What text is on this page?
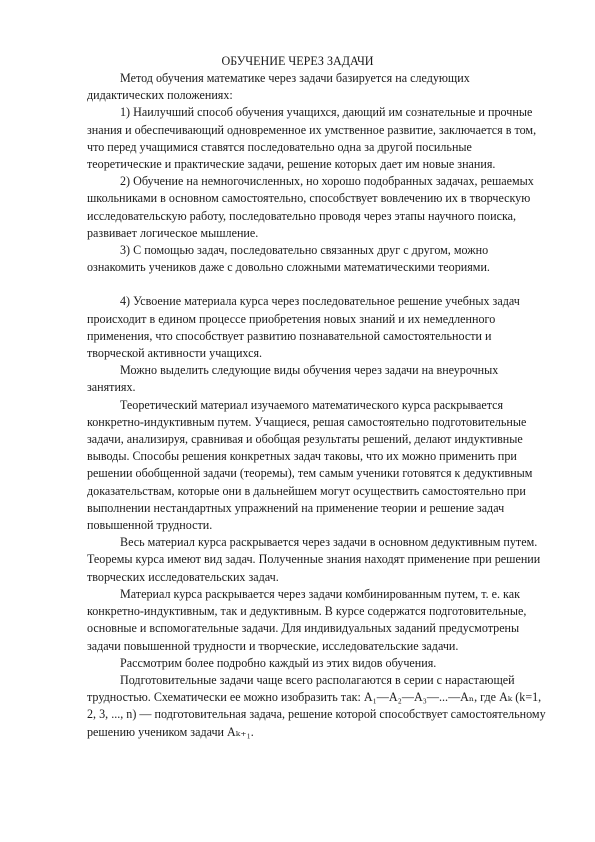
ОБУЧЕНИЕ ЧЕРЕЗ ЗАДАЧИ

Метод обучения математике через задачи базируется на следующих дидактических положениях:

1) Наилучший способ обучения учащихся, дающий им сознательные и прочные знания и обеспечивающий одновременное их умственное развитие, заключается в том, что перед учащимися ставятся последовательно одна за другой посильные теоретические и практические задачи, решение которых дает им новые знания.

2) Обучение на немногочисленных, но хорошо подобранных задачах, решаемых школьниками в основном самостоятельно, способствует вовлечению их в творческую исследовательскую работу, последовательно проводя через этапы научного поиска, развивает логическое мышление.

3) С помощью задач, последовательно связанных друг с другом, можно ознакомить учеников даже с довольно сложными математическими теориями.

4) Усвоение материала курса через последовательное решение учебных задач происходит в едином процессе приобретения новых знаний и их немедленного применения, что способствует развитию познавательной самостоятельности и творческой активности учащихся.

Можно выделить следующие виды обучения через задачи на внеурочных занятиях.

Теоретический материал изучаемого математического курса раскрывается конкретно-индуктивным путем. Учащиеся, решая самостоятельно подготовительные задачи, анализируя, сравнивая и обобщая результаты решений, делают индуктивные выводы. Способы решения конкретных задач таковы, что их можно применить при решении обобщенной задачи (теоремы), тем самым ученики готовятся к дедуктивным доказательствам, которые они в дальнейшем могут осуществить самостоятельно при выполнении нестандартных упражнений на применение теории и решение задач повышенной трудности.

Весь материал курса раскрывается через задачи в основном дедуктивным путем. Теоремы курса имеют вид задач. Полученные знания находят применение при решении творческих исследовательских задач.

Материал курса раскрывается через задачи комбинированным путем, т. е. как конкретно-индуктивным, так и дедуктивным. В курсе содержатся подготовительные, основные и вспомогательные задачи. Для индивидуальных заданий предусмотрены задачи повышенной трудности и творческие, исследовательские задачи.

Рассмотрим более подробно каждый из этих видов обучения.

Подготовительные задачи чаще всего располагаются в серии с нарастающей трудностью. Схематически ее можно изобразить так: A₁—A₂—A₃—...—Aₙ, где Aₖ (k=1, 2, 3, ..., n) — подготовительная задача, решение которой способствует самостоятельному решению учеником задачи Aₖ₊₁.
